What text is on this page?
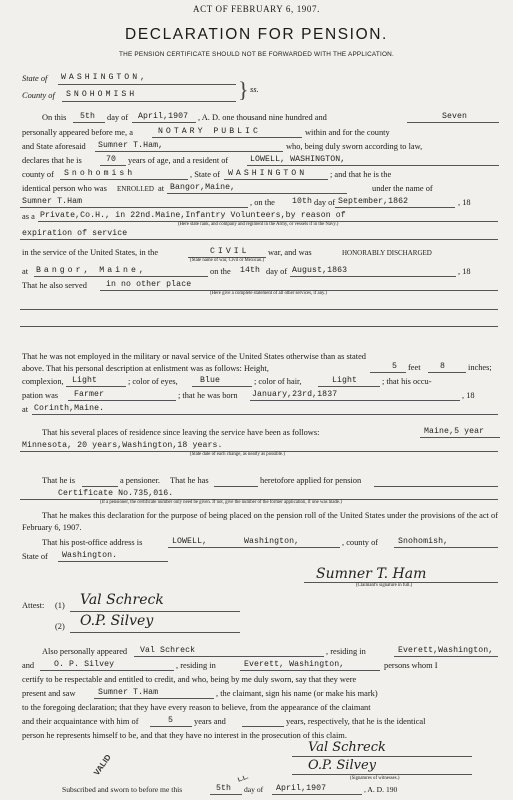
ACT OF FEBRUARY 6, 1907.
DECLARATION FOR PENSION.
THE PENSION CERTIFICATE SHOULD NOT BE FORWARDED WITH THE APPLICATION.
State of WASHINGTON,
County of SNOHOMISH	} ss.
On this 5th day of April,1907 , A. D. one thousand nine hundred and	Seven
personally appeared before me, a	NOTARY PUBLIC	within and for the county
and State aforesaid Sumner T.Ham,	who, being duly sworn according to law,
declares that he is	70 years of age, and a resident of	LOWELL, WASHINGTON,
county of Snohomish	, State of WASHINGTON	; and that he is the
identical person who was ENROLLED at Bangor,Maine,	under the name of
Sumner T.Ham	, on the 10th day of September,1862	, 18
as a Private,Co.H., in 22nd.Maine,Infantry Volunteers,by reason of
(Here state rank, and company and regiment in the Army, or vessels if in the Navy.)
expiration of service
in the service of the United States, in the	CIVIL war, and was	HONORABLY DISCHARGED
(State name of war, Civil or Mexican.)
at Bangor, Maine,	on the 14th day of August,1863	, 18
That he also served in no other place
(Here give a complete statement of all other services, if any.)
That he was not employed in the military or naval service of the United States otherwise than as stated above. That his personal description at enlistment was as follows: Height,	5 feet 8	inches;
complexion, Light	; color of eyes,	Blue	; color of hair,	Light	; that his occu-
pation was Farmer	; that he was born January,23rd,1837	, 18
at Corinth,Maine.
That his several places of residence since leaving the service have been as follows:	Maine,5 year
Minnesota, 20 years,Washington,18 years.
(State date of each change, as nearly as possible.)
That he is	a pensioner. That he has	heretofore applied for pension
Certificate No.735,016.
(If a pensioner, the certificate number only need be given. If not, give the number of the former application, if one was made.)
That he makes this declaration for the purpose of being placed on the pension roll of the United States under the provisions of the act of February 6, 1907.
That his post-office address is	LOWELL,	Washington,	, county of Snohomish,
State of Washington.
Sumner T. Ham
(Claimant's signature in full.)
Attest: (1) Val Schreck
(2) O.P. Silvey
Also personally appeared Val Schreck	, residing in	Everett,Washington,
and O. P. Silvey	, residing in	Everett, Washington,	persons whom I
certify to be respectable and entitled to credit, and who, being by me duly sworn, say that they were
present and saw	Sumner T.Ham	, the claimant, sign his name (or make his mark)
to the foregoing declaration; that they have every reason to believe, from the appearance of the claimant
and their acquaintance with him of	5 years and	years, respectively, that he is the identical
person he represents himself to be, and that they have no interest in the prosecution of this claim.
Val Schreck
O.P. Silvey
(Signatures of witnesses.)
Subscribed and sworn to before me this	5th day of April,1907	, A. D. 190
L.L.
VALID
